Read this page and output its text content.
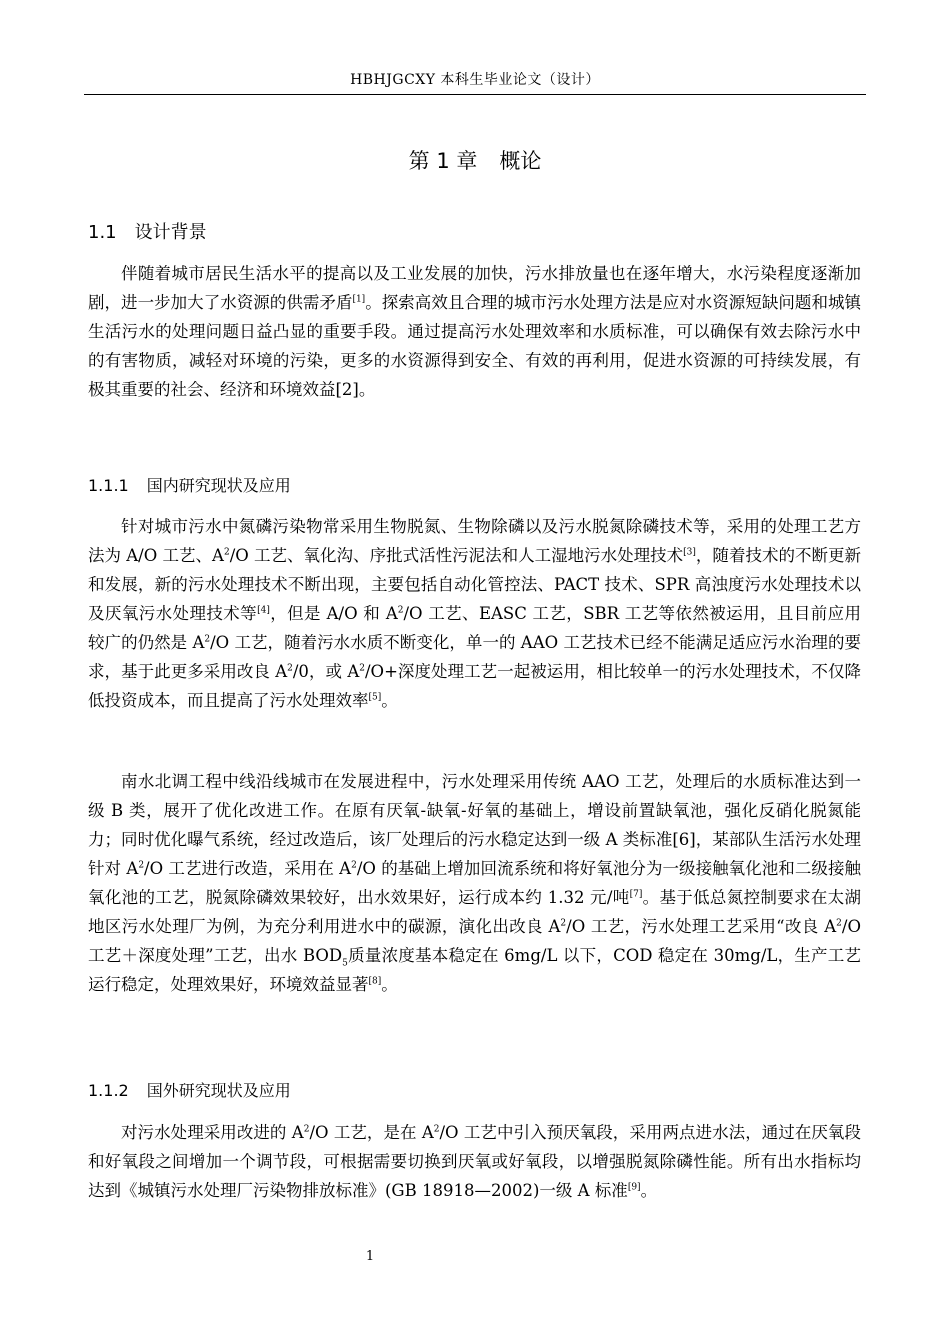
HBHJGCXY 本科生毕业论文（设计）
第 1 章 概论
1.1 设计背景

伴随着城市居民生活水平的提高以及工业发展的加快，污水排放量也在逐年增大，水污染程度逐渐加剧，进一步加大了水资源的供需矛盾[1]。探索高效且合理的城市污水处理方法是应对水资源短缺问题和城镇生活污水的处理问题日益凸显的重要手段。通过提高污水处理效率和水质标准，可以确保有效去除污水中的有害物质，减轻对环境的污染，更多的水资源得到安全、有效的再利用，促进水资源的可持续发展，有极其重要的社会、经济和环境效益[2]。

1.1.1 国内研究现状及应用

针对城市污水中氮磷污染物常采用生物脱氮、生物除磷以及污水脱氮除磷技术等，采用的处理工艺方法为 A/O 工艺、$A^2/O$ 工艺、氧化沟、序批式活性污泥法和人工湿地污水处理技术[3]，随着技术的不断更新和发展，新的污水处理技术不断出现，主要包括自动化管控法、PACT 技术、SPR 高浊度污水处理技术以及厌氧污水处理技术等[4]，但是 A/O 和 $A^2/O$ 工艺、EASC 工艺，SBR 工艺等依然被运用，且目前应用较广的仍然是 $A^2/O$ 工艺，随着污水水质不断变化，单一的 AAO 工艺技术已经不能满足适应污水治理的要求，基于此更多采用改良 $A^2/0$，或 $A^2/O+$深度处理工艺一起被运用，相比较单一的污水处理技术，不仅降低投资成本，而且提高了污水处理效率[5]。

南水北调工程中线沿线城市在发展进程中，污水处理采用传统 AAO 工艺，处理后的水质标准达到一级 B 类，展开了优化改进工作。在原有厌氧-缺氧-好氧的基础上，增设前置缺氧池，强化反硝化脱氮能力；同时优化曝气系统，经过改造后，该厂处理后的污水稳定达到一级 A 类标准[6]，某部队生活污水处理针对 $A^2/O$ 工艺进行改造，采用在 $A^2/O$ 的基础上增加回流系统和将好氧池分为一级接触氧化池和二级接触氧化池的工艺，脱氮除磷效果较好，出水效果好，运行成本约 1.32 元/吨[7]。基于低总氮控制要求在太湖地区污水处理厂为例，为充分利用进水中的碳源，演化出改良 $A^2/O$ 工艺，污水处理工艺采用“改良 $A^2/O$ 工艺＋深度处理”工艺，出水 $BOD_5$质量浓度基本稳定在 6mg/L 以下，COD 稳定在 30mg/L，生产工艺运行稳定，处理效果好，环境效益显著[8]。

1.1.2 国外研究现状及应用

对污水处理采用改进的 $A^2/O$ 工艺，是在 $A^2/O$ 工艺中引入预厌氧段，采用两点进水法，通过在厌氧段和好氧段之间增加一个调节段，可根据需要切换到厌氧或好氧段，以增强脱氮除磷性能。所有出水指标均达到《城镇污水处理厂污染物排放标准》(GB 18918—2002)一级 A 标准[9]。

1
